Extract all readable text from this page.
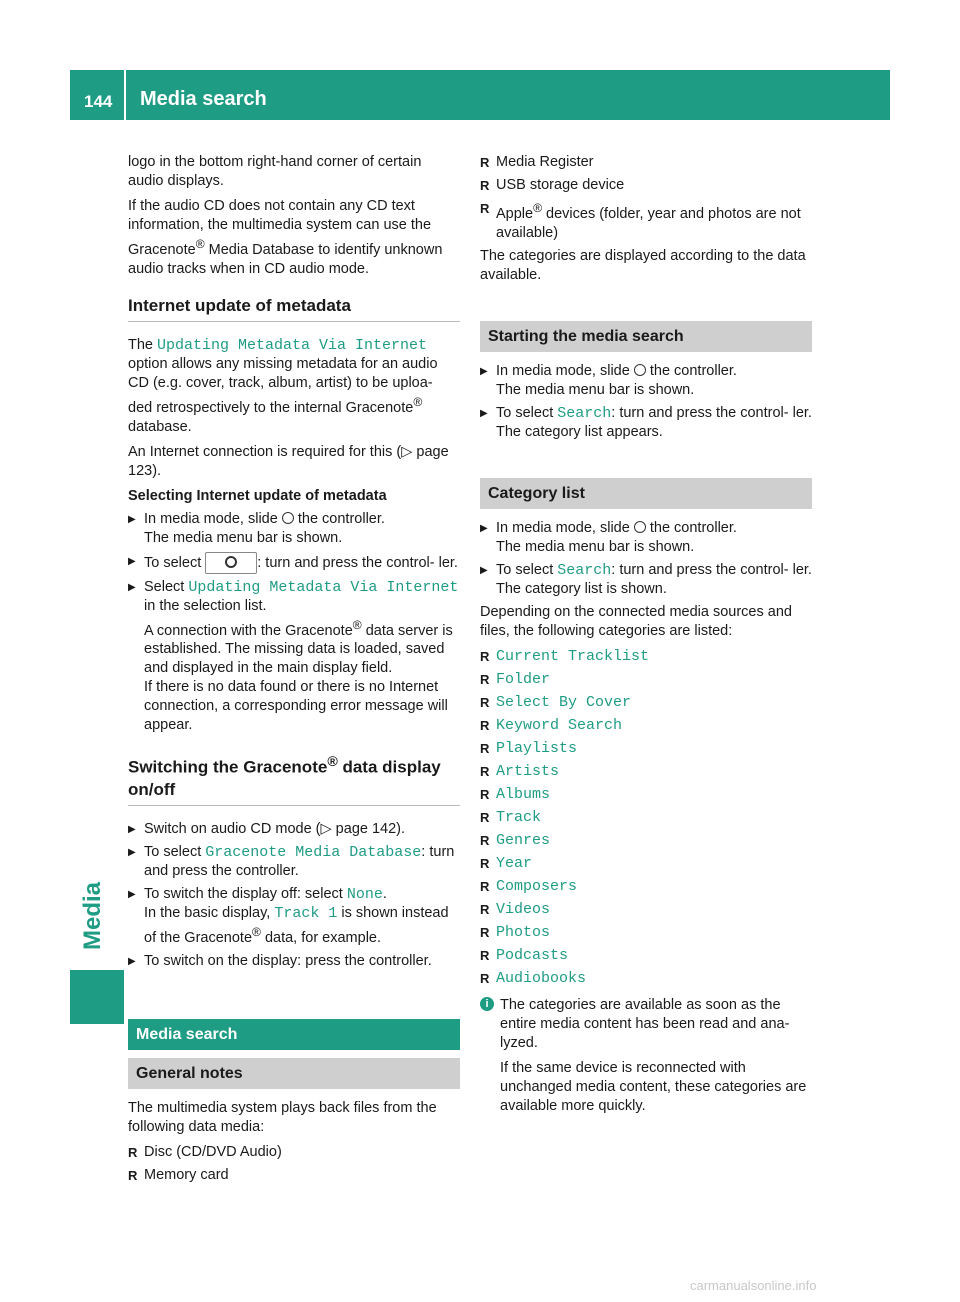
144 Media search
Media

logo in the bottom right-hand corner of certain audio displays.

If the audio CD does not contain any CD text information, the multimedia system can use the Gracenote® Media Database to identify unknown audio tracks when in CD audio mode.

Internet update of metadata

The Updating Metadata Via Internet option allows any missing metadata for an audio CD (e.g. cover, track, album, artist) to be uploa- ded retrospectively to the internal Gracenote® database.

An Internet connection is required for this (▷ page 123).

Selecting Internet update of metadata
▶ In media mode, slide  the controller.
The media menu bar is shown.
▶ To select	: turn and press the control- ler.
▶ Select Updating Metadata Via Internet in the selection list.
A connection with the Gracenote® data server is established. The missing data is loaded, saved and displayed in the main display field.
If there is no data found or there is no Internet connection, a corresponding error message will appear.
Switching the Gracenote® data display on/off
▶ Switch on audio CD mode (▷ page 142).
▶ To select Gracenote Media Database: turn and press the controller.
▶ To switch the display off: select None.
In the basic display, Track 1 is shown instead of the Gracenote® data, for example.
▶ To switch on the display: press the controller.
Media search
General notes

The multimedia system plays back files from the following data media:

R Disc (CD/DVD Audio)
R Memory card
R Media Register
R USB storage device
R Apple® devices (folder, year and photos are not available)

The categories are displayed according to the data available.

Starting the media search
▶ In media mode, slide  the controller.
The media menu bar is shown.
▶ To select Search: turn and press the control- ler.
The category list appears.
Category list
▶ In media mode, slide  the controller.
The media menu bar is shown.
▶ To select Search: turn and press the control- ler.
The category list is shown.

Depending on the connected media sources and files, the following categories are listed:

R Current Tracklist
R Folder
R Select By Cover
R Keyword Search
R Playlists
R Artists
R Albums
R Track
R Genres
R Year
R Composers
R Videos
R Photos
R Podcasts
R Audiobooks
i The categories are available as soon as the entire media content has been read and ana- lyzed.

If the same device is reconnected with unchanged media content, these categories are available more quickly.

carmanualsonline.info
